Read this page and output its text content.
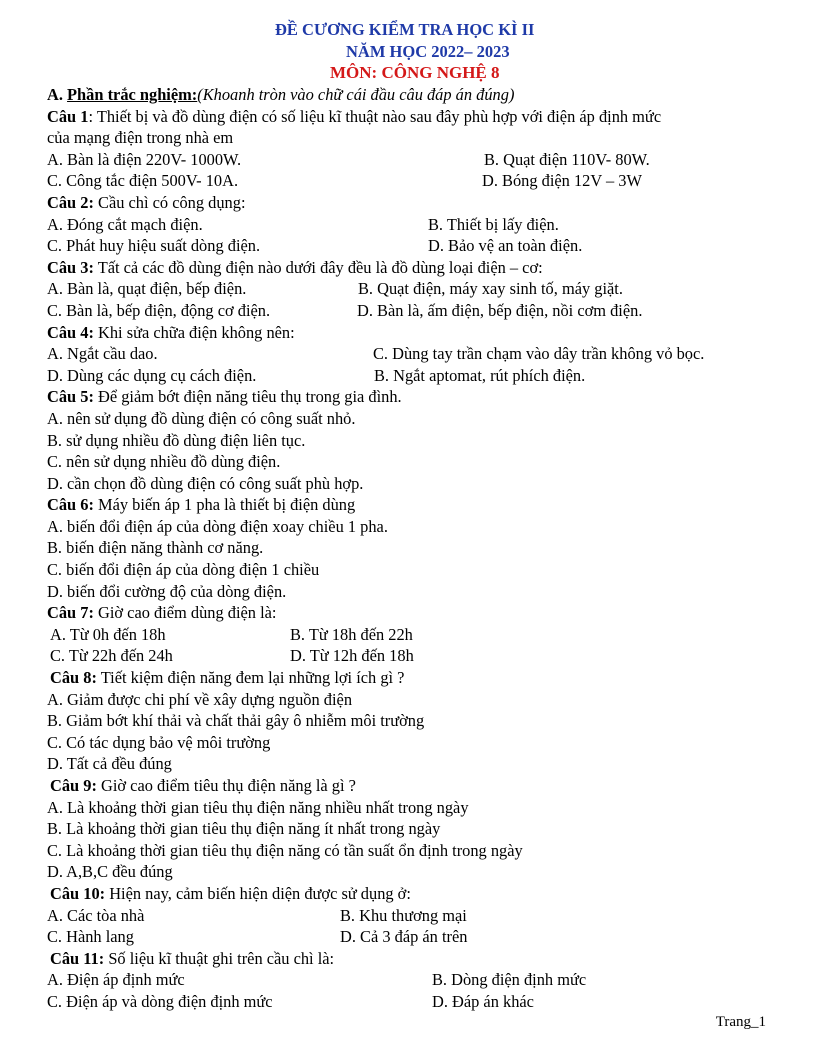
ĐỀ CƯƠNG KIỂM TRA HỌC KÌ II
NĂM HỌC 2022– 2023
MÔN: CÔNG NGHỆ 8
A. Phần trắc nghiệm:(Khoanh tròn vào chữ cái đầu câu đáp án đúng)
Câu 1: Thiết bị và đồ dùng điện có số liệu kĩ thuật nào sau đây phù hợp với điện áp định mức
của mạng điện trong nhà em
A. Bàn là điện 220V- 1000W.	B. Quạt điện 110V- 80W.
C. Công tắc điện 500V- 10A.	D. Bóng điện 12V – 3W
Câu 2: Cầu chì có công dụng:
A. Đóng cắt mạch điện.	B. Thiết bị lấy điện.
C. Phát huy hiệu suất dòng điện.	D. Bảo vệ an toàn điện.
Câu 3: Tất cả các đồ dùng điện nào dưới đây đều là đồ dùng loại điện – cơ:
A. Bàn là, quạt điện, bếp điện.	B. Quạt điện, máy xay sinh tố, máy giặt.
C. Bàn là, bếp điện, động cơ điện.	D. Bàn là, ấm điện, bếp điện, nồi cơm điện.
Câu 4: Khi sửa chữa điện không nên:
A. Ngắt cầu dao.	C. Dùng tay trần chạm vào dây trần không vỏ bọc.
D. Dùng các dụng cụ cách điện.	B. Ngắt aptomat, rút phích điện.
Câu 5: Để giảm bớt điện năng tiêu thụ trong gia đình.
A. nên sử dụng đồ dùng điện có công suất nhỏ.
B. sử dụng nhiều đồ dùng điện liên tục.
C. nên sử dụng nhiều đồ dùng điện.
D. cần chọn đồ dùng điện có công suất phù hợp.
Câu 6: Máy biến áp 1 pha là thiết bị điện dùng
A. biến đổi điện áp của dòng điện xoay chiều 1 pha.
B. biến điện năng thành cơ năng.
C. biến đổi điện áp của dòng điện 1 chiều
D. biến đổi cường độ của dòng điện.
Câu 7: Giờ cao điểm dùng điện là:
A. Từ 0h đến 18h	B. Từ 18h đến 22h
C. Từ 22h đến 24h	D. Từ 12h đến 18h
Câu 8: Tiết kiệm điện năng đem lại những lợi ích gì ?
A. Giảm được chi phí về xây dựng nguồn điện
B. Giảm bớt khí thải và chất thải gây ô nhiễm môi trường
C. Có tác dụng bảo vệ môi trường
D. Tất cả đều đúng
Câu 9: Giờ cao điểm tiêu thụ điện năng là gì ?
A. Là khoảng thời gian tiêu thụ điện năng nhiều nhất trong ngày
B. Là khoảng thời gian tiêu thụ điện năng ít nhất trong ngày
C. Là khoảng thời gian tiêu thụ điện năng có tần suất ổn định trong ngày
D. A,B,C đều đúng
Câu 10: Hiện nay, cảm biến hiện diện được sử dụng ở:
A. Các tòa nhà	B. Khu thương mại
C. Hành lang	D. Cả 3 đáp án trên
Câu 11: Số liệu kĩ thuật ghi trên cầu chì là:
A. Điện áp định mức	B. Dòng điện định mức
C. Điện áp và dòng điện định mức	D. Đáp án khác
Trang_1
